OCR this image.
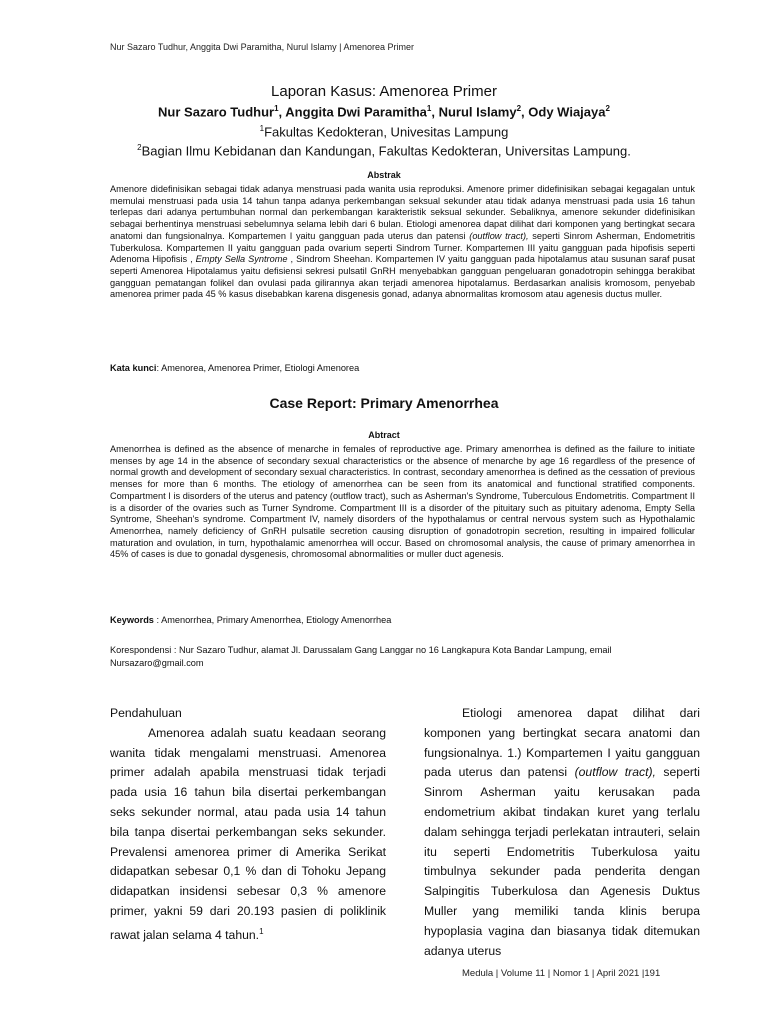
Nur Sazaro Tudhur, Anggita Dwi Paramitha, Nurul Islamy | Amenorea Primer
Laporan Kasus: Amenorea Primer
Nur Sazaro Tudhur$^1$, Anggita Dwi Paramitha$^1$, Nurul Islamy$^2$, Ody Wiajaya$^2$
$^1$Fakultas Kedokteran, Univesitas Lampung
$^2$Bagian Ilmu Kebidanan dan Kandungan, Fakultas Kedokteran, Universitas Lampung.
Abstrak
Amenore didefinisikan sebagai tidak adanya menstruasi pada wanita usia reproduksi. Amenore primer didefinisikan sebagai kegagalan untuk memulai menstruasi pada usia 14 tahun tanpa adanya perkembangan seksual sekunder atau tidak adanya menstruasi pada usia 16 tahun terlepas dari adanya pertumbuhan normal dan perkembangan karakteristik seksual sekunder. Sebaliknya, amenore sekunder didefinisikan sebagai berhentinya menstruasi sebelumnya selama lebih dari 6 bulan. Etiologi amenorea dapat dilihat dari komponen yang bertingkat secara anatomi dan fungsionalnya. Kompartemen I yaitu gangguan pada uterus dan patensi (outflow tract), seperti Sinrom Asherman, Endometritis Tuberkulosa. Kompartemen II yaitu gangguan pada ovarium seperti Sindrom Turner. Kompartemen III yaitu gangguan pada hipofisis seperti Adenoma Hipofisis , Empty Sella Syntrome , Sindrom Sheehan. Kompartemen IV yaitu gangguan pada hipotalamus atau susunan saraf pusat seperti Amenorea Hipotalamus yaitu defisiensi sekresi pulsatil GnRH menyebabkan gangguan pengeluaran gonadotropin sehingga berakibat gangguan pematangan folikel dan ovulasi pada gilirannya akan terjadi amenorea hipotalamus. Berdasarkan analisis kromosom, penyebab amenorea primer pada 45 % kasus disebabkan karena disgenesis gonad, adanya abnormalitas kromosom atau agenesis ductus muller.
Kata kunci: Amenorea, Amenorea Primer, Etiologi Amenorea
Case Report: Primary Amenorrhea
Abtract
Amenorrhea is defined as the absence of menarche in females of reproductive age. Primary amenorrhea is defined as the failure to initiate menses by age 14 in the absence of secondary sexual characteristics or the absence of menarche by age 16 regardless of the presence of normal growth and development of secondary sexual characteristics. In contrast, secondary amenorrhea is defined as the cessation of previous menses for more than 6 months. The etiology of amenorrhea can be seen from its anatomical and functional stratified components. Compartment I is disorders of the uterus and patency (outflow tract), such as Asherman's Syndrome, Tuberculous Endometritis. Compartment II is a disorder of the ovaries such as Turner Syndrome. Compartment III is a disorder of the pituitary such as pituitary adenoma, Empty Sella Syntrome, Sheehan's syndrome. Compartment IV, namely disorders of the hypothalamus or central nervous system such as Hypothalamic Amenorrhea, namely deficiency of GnRH pulsatile secretion causing disruption of gonadotropin secretion, resulting in impaired follicular maturation and ovulation, in turn, hypothalamic amenorrhea will occur. Based on chromosomal analysis, the cause of primary amenorrhea in 45% of cases is due to gonadal dysgenesis, chromosomal abnormalities or muller duct agenesis.
Keywords : Amenorrhea, Primary Amenorrhea, Etiology Amenorrhea
Korespondensi : Nur Sazaro Tudhur, alamat Jl. Darussalam Gang Langgar no 16 Langkapura Kota Bandar Lampung, email
Nursazaro@gmail.com
Pendahuluan
Amenorea adalah suatu keadaan seorang wanita tidak mengalami menstruasi. Amenorea primer adalah apabila menstruasi tidak terjadi pada usia 16 tahun bila disertai perkembangan seks sekunder normal, atau pada usia 14 tahun bila tanpa disertai perkembangan seks sekunder. Prevalensi amenorea primer di Amerika Serikat didapatkan sebesar 0,1 % dan di Tohoku Jepang didapatkan insidensi sebesar 0,3 % amenore primer, yakni 59 dari 20.193 pasien di poliklinik rawat jalan selama 4 tahun.$^1$
Etiologi amenorea dapat dilihat dari komponen yang bertingkat secara anatomi dan fungsionalnya. 1.) Kompartemen I yaitu gangguan pada uterus dan patensi (outflow tract), seperti Sinrom Asherman yaitu kerusakan pada endometrium akibat tindakan kuret yang terlalu dalam sehingga terjadi perlekatan intrauteri, selain itu seperti Endometritis Tuberkulosa yaitu timbulnya sekunder pada penderita dengan Salpingitis Tuberkulosa dan Agenesis Duktus Muller yang memiliki tanda klinis berupa hypoplasia vagina dan biasanya tidak ditemukan adanya uterus
Medula | Volume 11 | Nomor 1 | April 2021 |191
